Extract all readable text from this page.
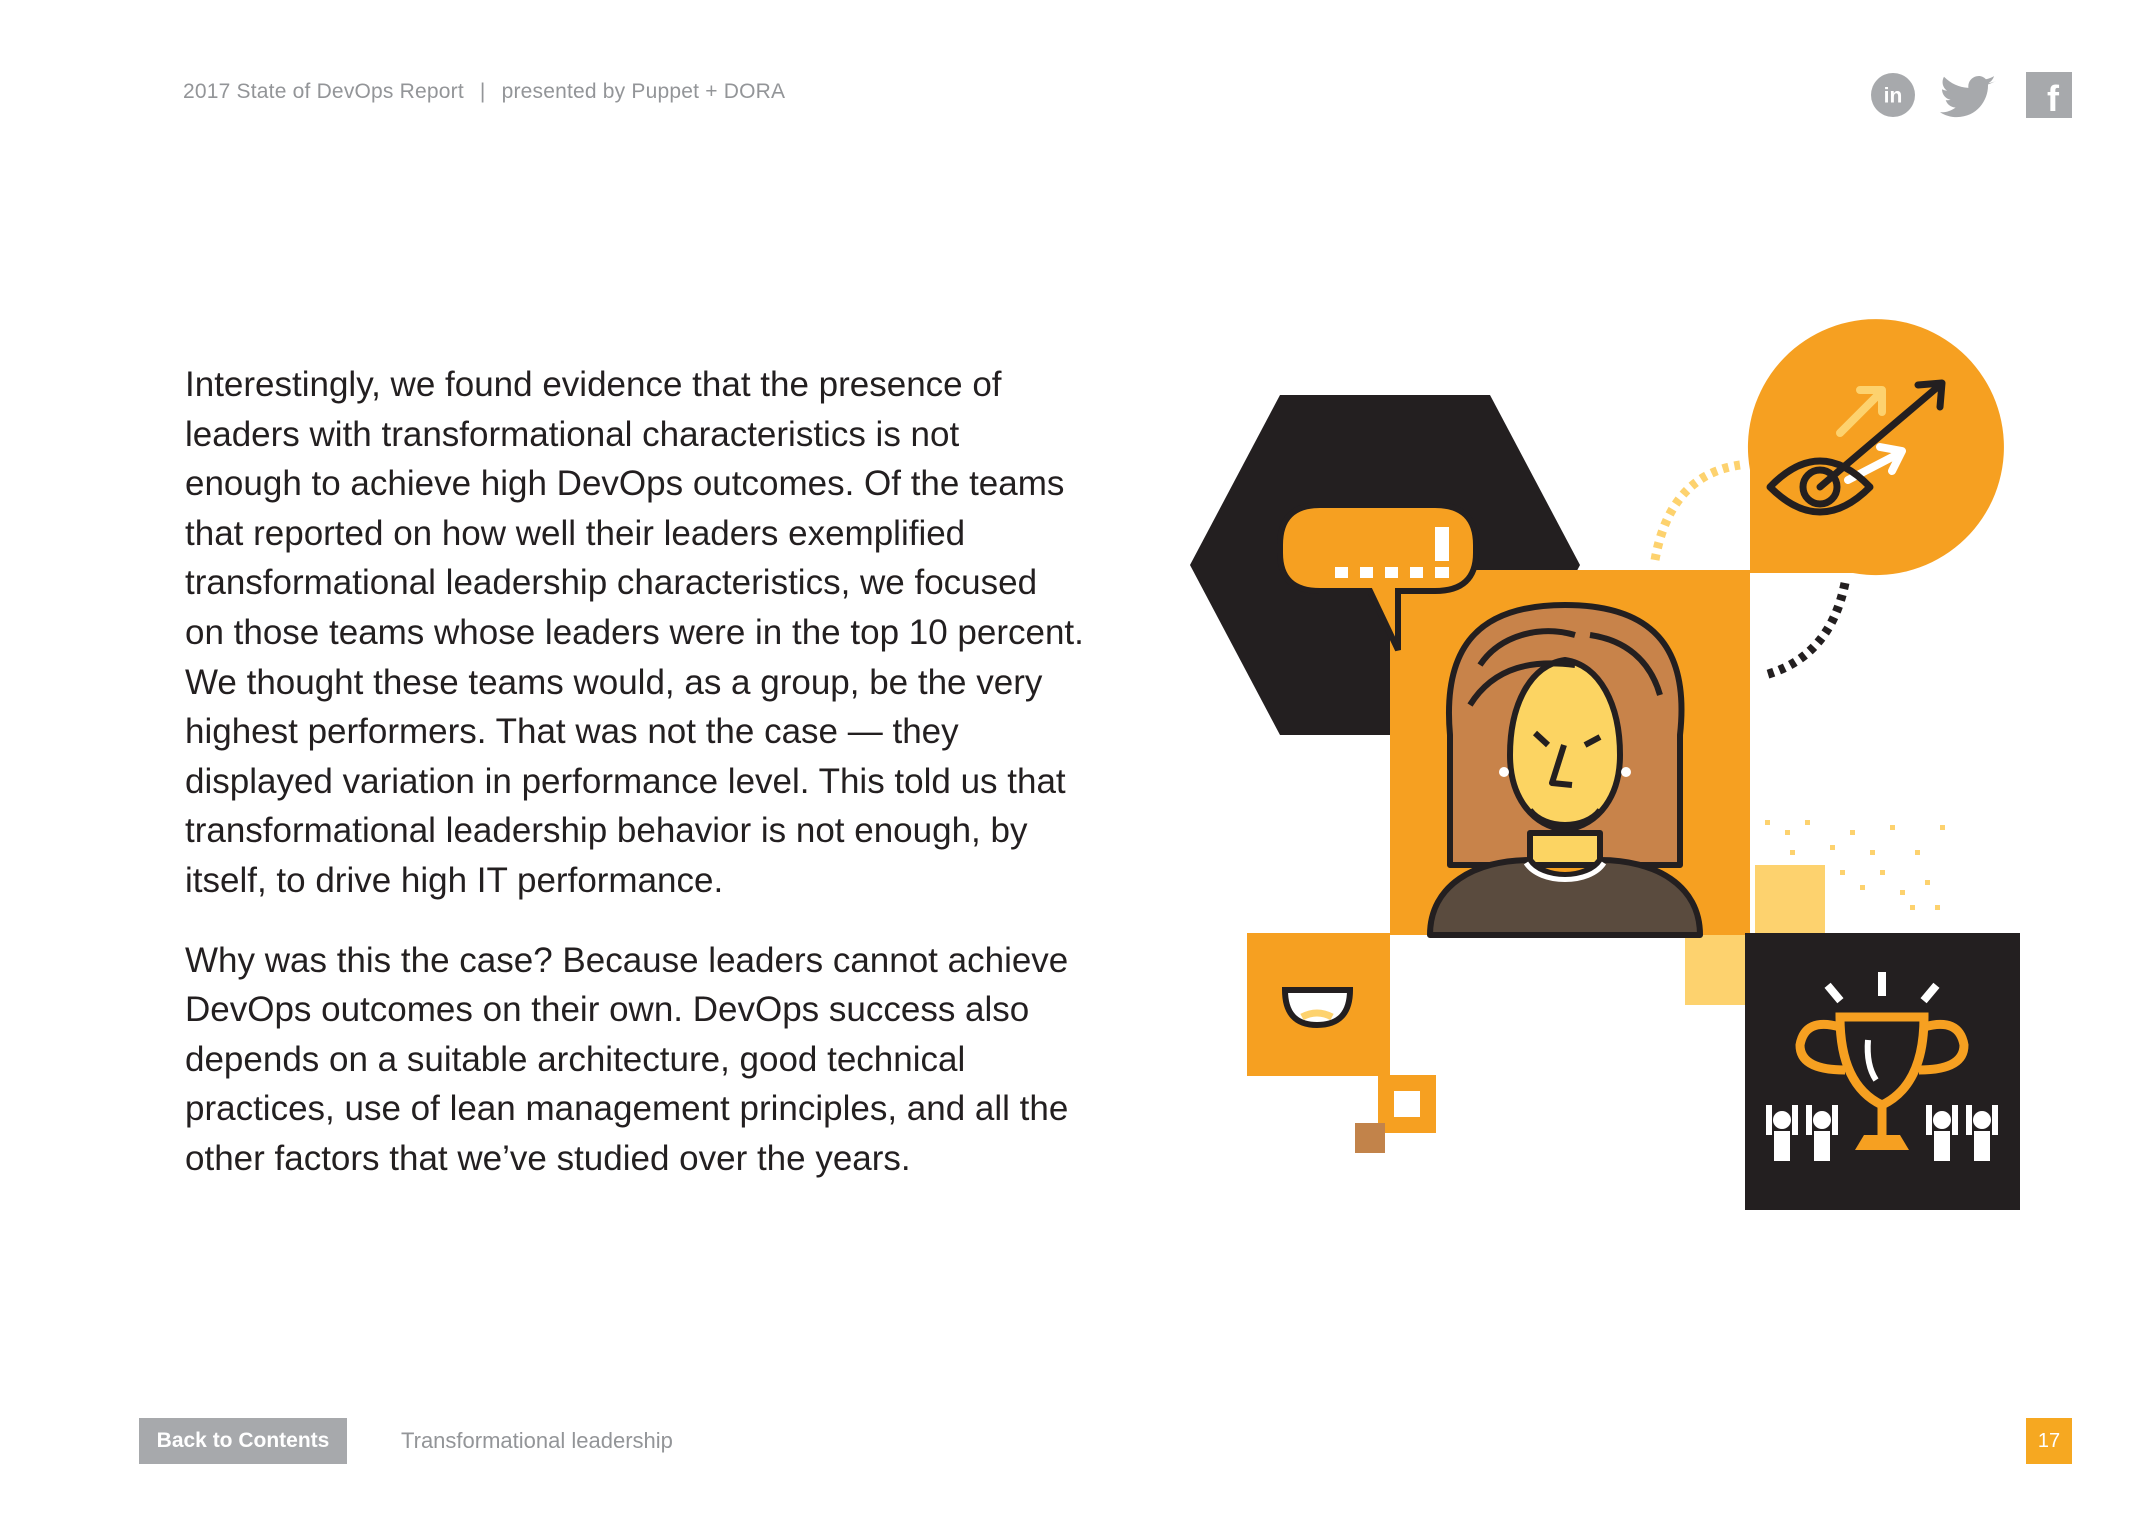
2017 State of DevOps Report | presented by Puppet + DORA	in	f

Interestingly, we found evidence that the presence of leaders with transformational characteristics is not enough to achieve high DevOps outcomes. Of the teams that reported on how well their leaders exemplified transformational leadership characteristics, we focused on those teams whose leaders were in the top 10 percent. We thought these teams would, as a group, be the very highest performers. That was not the case — they displayed variation in performance level. This told us that transformational leadership behavior is not enough, by itself, to drive high IT performance.

Why was this the case? Because leaders cannot achieve DevOps outcomes on their own. DevOps success also depends on a suitable architecture, good technical practices, use of lean management principles, and all the other factors that we’ve studied over the years.

Back to Contents	Transformational leadership	17
